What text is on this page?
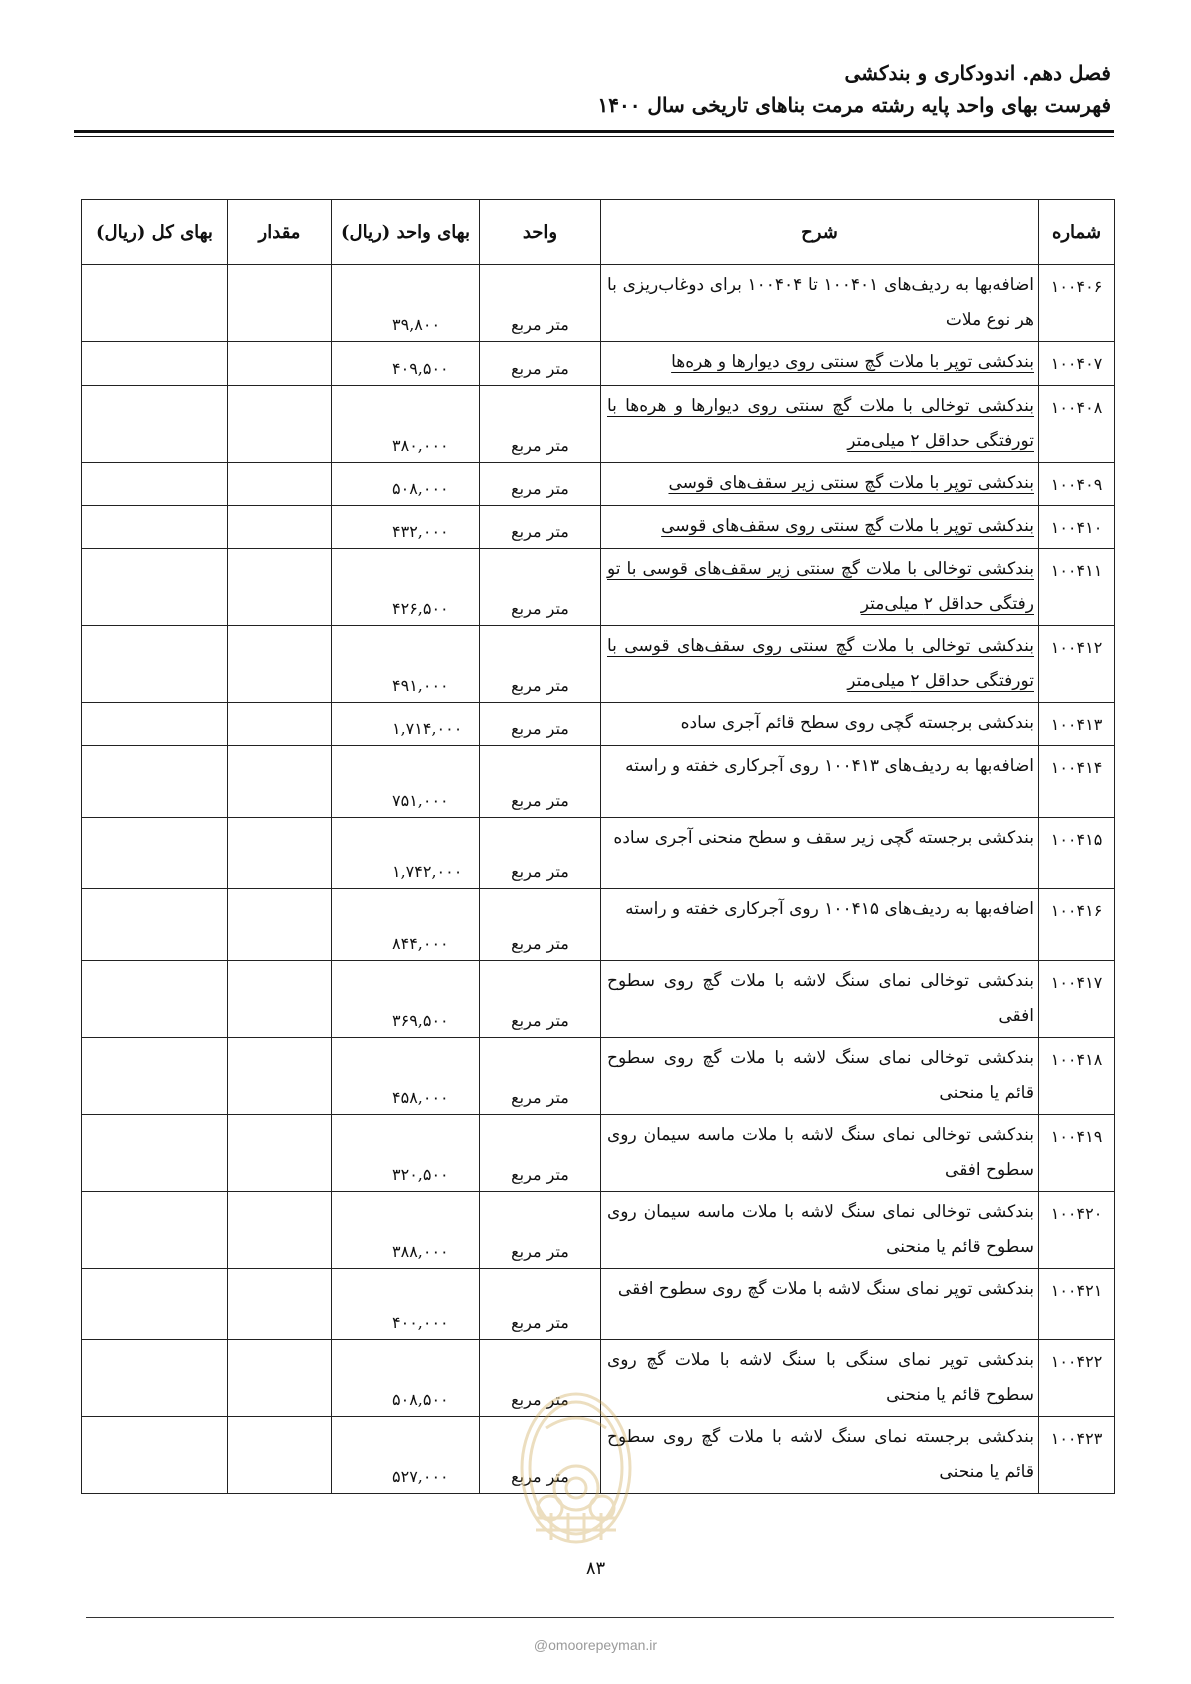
فصل دهم. اندودکاری و بندکشی
فهرست بهای واحد پایه رشته مرمت بناهای تاریخی سال ۱۴۰۰
شماره	شرح	واحد	بهای واحد (ریال)	مقدار	بهای کل (ریال)
۱۰۰۴۰۶	اضافه‌بها به ردیف‌های ۱۰۰۴۰۱ تا ۱۰۰۴۰۴ برای دوغاب‌ریزی با هر نوع ملات	متر مربع	۳۹,۸۰۰		
۱۰۰۴۰۷	بندکشی توپر با ملات گچ سنتی روی دیوارها و هره‌ها	متر مربع	۴۰۹,۵۰۰		
۱۰۰۴۰۸	بندکشی توخالی با ملات گچ سنتی روی دیوارها و هره‌ها با تورفتگی حداقل ۲ میلی‌متر	متر مربع	۳۸۰,۰۰۰		
۱۰۰۴۰۹	بندکشی توپر با ملات گچ سنتی زیر سقف‌های قوسی	متر مربع	۵۰۸,۰۰۰		
۱۰۰۴۱۰	بندکشی توپر با ملات گچ سنتی روی سقف‌های قوسی	متر مربع	۴۳۲,۰۰۰		
۱۰۰۴۱۱	بندکشی توخالی با ملات گچ سنتی زیر سقف‌های قوسی با تو رفتگی حداقل ۲ میلی‌متر	متر مربع	۴۲۶,۵۰۰		
۱۰۰۴۱۲	بندکشی توخالی با ملات گچ سنتی روی سقف‌های قوسی با تورفتگی حداقل ۲ میلی‌متر	متر مربع	۴۹۱,۰۰۰		
۱۰۰۴۱۳	بندکشی برجسته گچی روی سطح قائم آجری ساده	متر مربع	۱,۷۱۴,۰۰۰		
۱۰۰۴۱۴	اضافه‌بها به ردیف‌های ۱۰۰۴۱۳ روی آجرکاری خفته و راسته	متر مربع	۷۵۱,۰۰۰		
۱۰۰۴۱۵	بندکشی برجسته گچی زیر سقف و سطح منحنی آجری ساده	متر مربع	۱,۷۴۲,۰۰۰		
۱۰۰۴۱۶	اضافه‌بها به ردیف‌های ۱۰۰۴۱۵ روی آجرکاری خفته و راسته	متر مربع	۸۴۴,۰۰۰		
۱۰۰۴۱۷	بندکشی توخالی نمای سنگ لاشه با ملات گچ روی سطوح افقی	متر مربع	۳۶۹,۵۰۰		
۱۰۰۴۱۸	بندکشی توخالی نمای سنگ لاشه با ملات گچ روی سطوح قائم یا منحنی	متر مربع	۴۵۸,۰۰۰		
۱۰۰۴۱۹	بندکشی توخالی نمای سنگ لاشه با ملات ماسه سیمان روی سطوح افقی	متر مربع	۳۲۰,۵۰۰		
۱۰۰۴۲۰	بندکشی توخالی نمای سنگ لاشه با ملات ماسه سیمان روی سطوح قائم یا منحنی	متر مربع	۳۸۸,۰۰۰		
۱۰۰۴۲۱	بندکشی توپر نمای سنگ لاشه با ملات گچ روی سطوح افقی	متر مربع	۴۰۰,۰۰۰		
۱۰۰۴۲۲	بندکشی توپر نمای سنگی با سنگ لاشه با ملات گچ روی سطوح قائم یا منحنی	متر مربع	۵۰۸,۵۰۰		
۱۰۰۴۲۳	بندکشی برجسته نمای سنگ لاشه با ملات گچ روی سطوح قائم یا منحنی	متر مربع	۵۲۷,۰۰۰		
۸۳
@omoorepeyman.ir
